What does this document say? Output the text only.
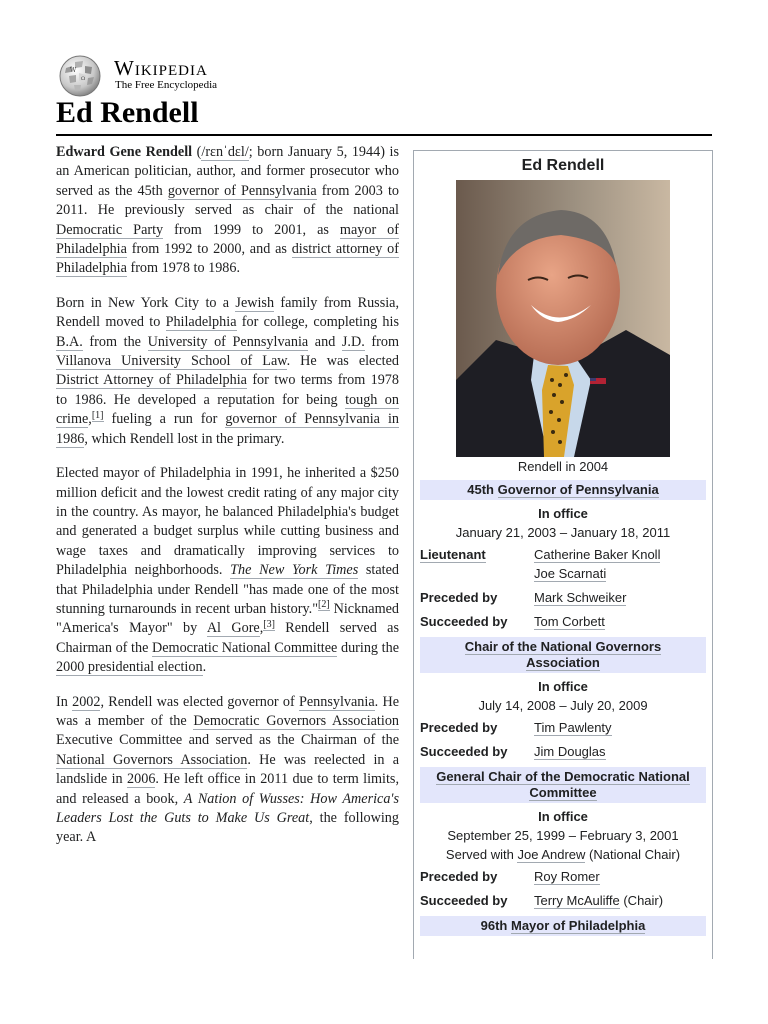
W
Ω Wikipedia
The Free Encyclopedia
Ed Rendell

Edward Gene Rendell (/rɛnˈdɛl/; born January 5, 1944) is an American politician, author, and former prosecutor who served as the 45th governor of Pennsylvania from 2003 to 2011. He previously served as chair of the national Democratic Party from 1999 to 2001, as mayor of Philadelphia from 1992 to 2000, and as district attorney of Philadelphia from 1978 to 1986.

Born in New York City to a Jewish family from Russia, Rendell moved to Philadelphia for college, completing his B.A. from the University of Pennsylvania and J.D. from Villanova University School of Law. He was elected District Attorney of Philadelphia for two terms from 1978 to 1986. He developed a reputation for being tough on crime,[1] fueling a run for governor of Pennsylvania in 1986, which Rendell lost in the primary.

Elected mayor of Philadelphia in 1991, he inherited a $250 million deficit and the lowest credit rating of any major city in the country. As mayor, he balanced Philadelphia's budget and generated a budget surplus while cutting business and wage taxes and dramatically improving services to Philadelphia neighborhoods. The New York Times stated that Philadelphia under Rendell "has made one of the most stunning turnarounds in recent urban history."[2] Nicknamed "America's Mayor" by Al Gore,[3] Rendell served as Chairman of the Democratic National Committee during the 2000 presidential election.

In 2002, Rendell was elected governor of Pennsylvania. He was a member of the Democratic Governors Association Executive Committee and served as the Chairman of the National Governors Association. He was reelected in a landslide in 2006. He left office in 2011 due to term limits, and released a book, A Nation of Wusses: How America's Leaders Lost the Guts to Make Us Great, the following year. A

Ed Rendell
Rendell in 2004
45th Governor of Pennsylvania
In office
January 21, 2003 – January 18, 2011
Lieutenant	Catherine Baker Knoll
Joe Scarnati
Preceded by	Mark Schweiker
Succeeded by	Tom Corbett
Chair of the National Governors Association
In office
July 14, 2008 – July 20, 2009
Preceded by	Tim Pawlenty
Succeeded by	Jim Douglas
General Chair of the Democratic National Committee
In office
September 25, 1999 – February 3, 2001
Served with Joe Andrew (National Chair)
Preceded by	Roy Romer
Succeeded by	Terry McAuliffe (Chair)
96th Mayor of Philadelphia
